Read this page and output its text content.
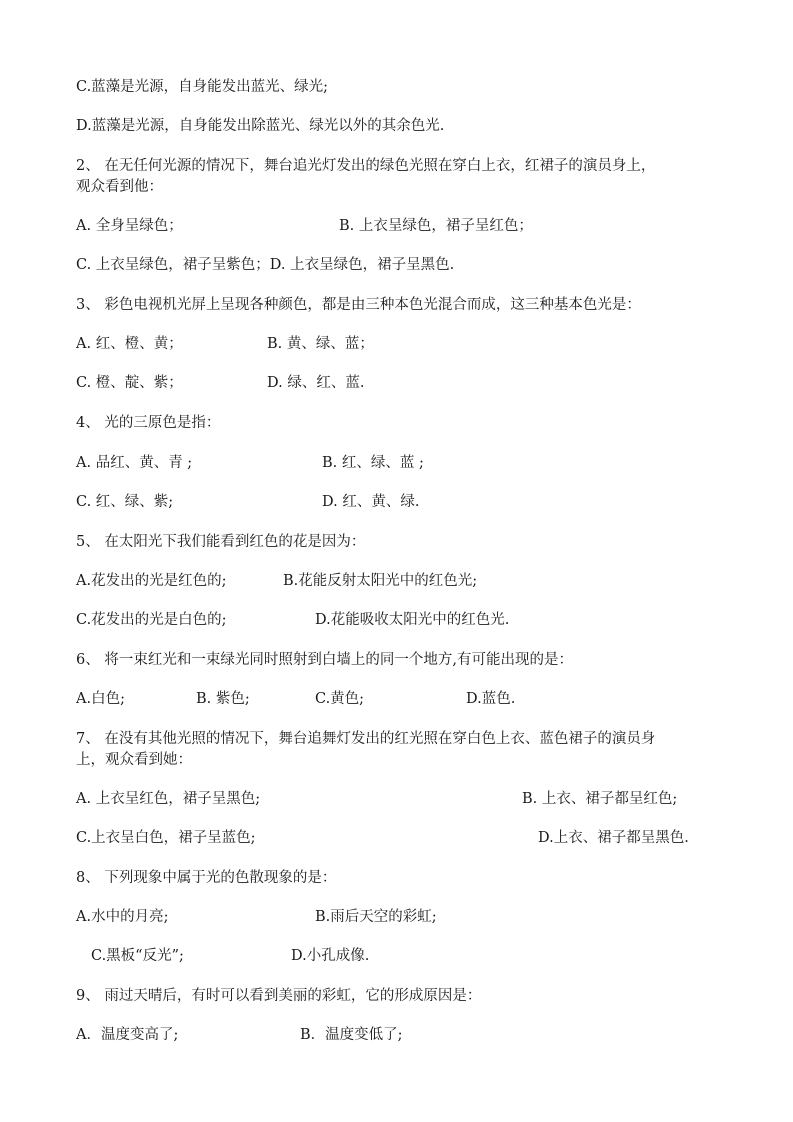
C.蓝藻是光源，自身能发出蓝光、绿光;
D.蓝藻是光源，自身能发出除蓝光、绿光以外的其余色光.
2、 在无任何光源的情况下，舞台追光灯发出的绿色光照在穿白上衣，红裙子的演员身上，
观众看到他：
A. 全身呈绿色；	B. 上衣呈绿色，裙子呈红色；
C. 上衣呈绿色，裙子呈紫色；D. 上衣呈绿色，裙子呈黑色.
3、 彩色电视机光屏上呈现各种颜色，都是由三种本色光混合而成，这三种基本色光是：
A. 红、橙、黄；	B. 黄、绿、蓝；
C. 橙、靛、紫；	D. 绿、红、蓝.
4、 光的三原色是指：
A. 品红、黄、青 ;	B. 红、绿、蓝 ;
C. 红、绿、紫;	D. 红、黄、绿.
5、 在太阳光下我们能看到红色的花是因为：
A.花发出的光是红色的;	B.花能反射太阳光中的红色光;
C.花发出的光是白色的;	D.花能吸收太阳光中的红色光.
6、 将一束红光和一束绿光同时照射到白墙上的同一个地方,有可能出现的是：
A.白色;	B. 紫色;	C.黄色;	D.蓝色.
7、 在没有其他光照的情况下，舞台追舞灯发出的红光照在穿白色上衣、蓝色裙子的演员身
上，观众看到她：
A. 上衣呈红色，裙子呈黑色;	B. 上衣、裙子都呈红色;
C.上衣呈白色，裙子呈蓝色;	D.上衣、裙子都呈黑色.
8、 下列现象中属于光的色散现象的是：
A.水中的月亮;	B.雨后天空的彩虹;
C.黑板“反光”;	D.小孔成像.
9、 雨过天晴后，有时可以看到美丽的彩虹，它的形成原因是：
A．温度变高了;	B．温度变低了;
